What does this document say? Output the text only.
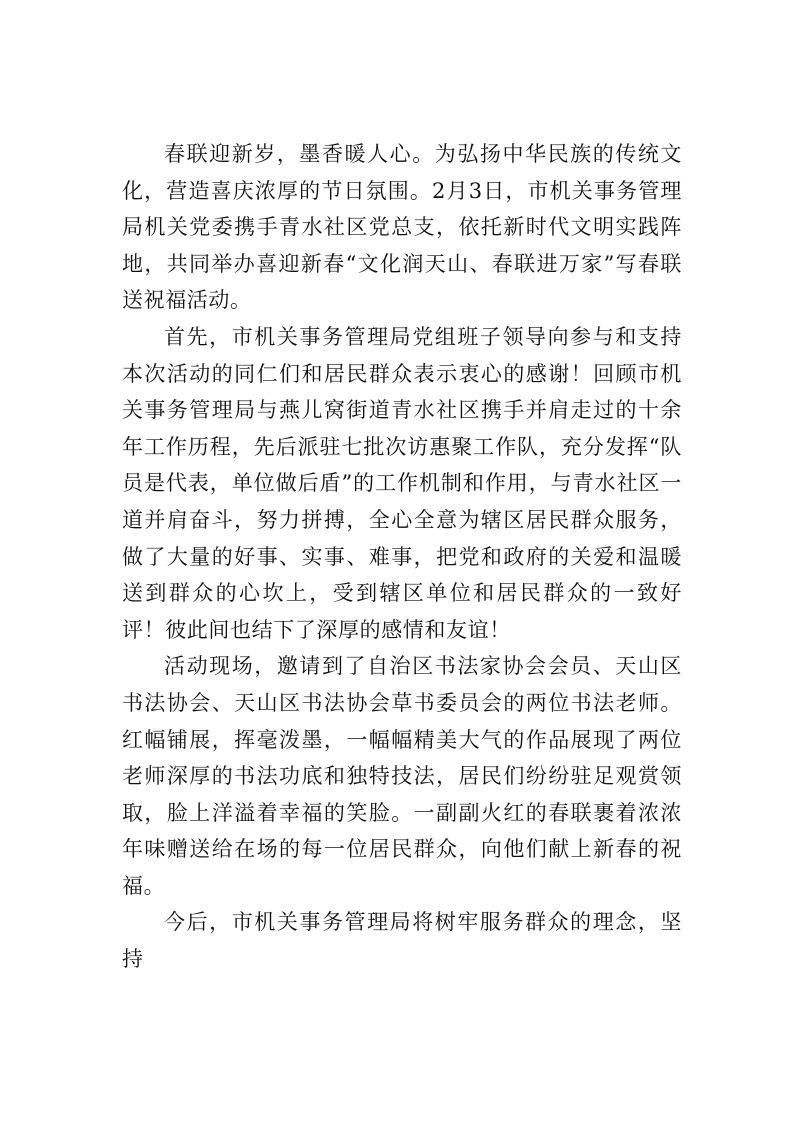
春联迎新岁，墨香暖人心。为弘扬中华民族的传统文化，营造喜庆浓厚的节日氛围。2月3日，市机关事务管理局机关党委携手青水社区党总支，依托新时代文明实践阵地，共同举办喜迎新春“文化润天山、春联进万家”写春联送祝福活动。

首先，市机关事务管理局党组班子领导向参与和支持本次活动的同仁们和居民群众表示衷心的感谢！回顾市机关事务管理局与燕儿窝街道青水社区携手并肩走过的十余年工作历程，先后派驻七批次访惠聚工作队，充分发挥“队员是代表，单位做后盾”的工作机制和作用，与青水社区一道并肩奋斗，努力拼搏，全心全意为辖区居民群众服务，做了大量的好事、实事、难事，把党和政府的关爱和温暖送到群众的心坎上，受到辖区单位和居民群众的一致好评！彼此间也结下了深厚的感情和友谊！

活动现场，邀请到了自治区书法家协会会员、天山区书法协会、天山区书法协会草书委员会的两位书法老师。红幅铺展，挥毫泼墨，一幅幅精美大气的作品展现了两位老师深厚的书法功底和独特技法，居民们纷纷驻足观赏领取，脸上洋溢着幸福的笑脸。一副副火红的春联裹着浓浓年味赠送给在场的每一位居民群众，向他们献上新春的祝福。

今后，市机关事务管理局将树牢服务群众的理念，坚持
